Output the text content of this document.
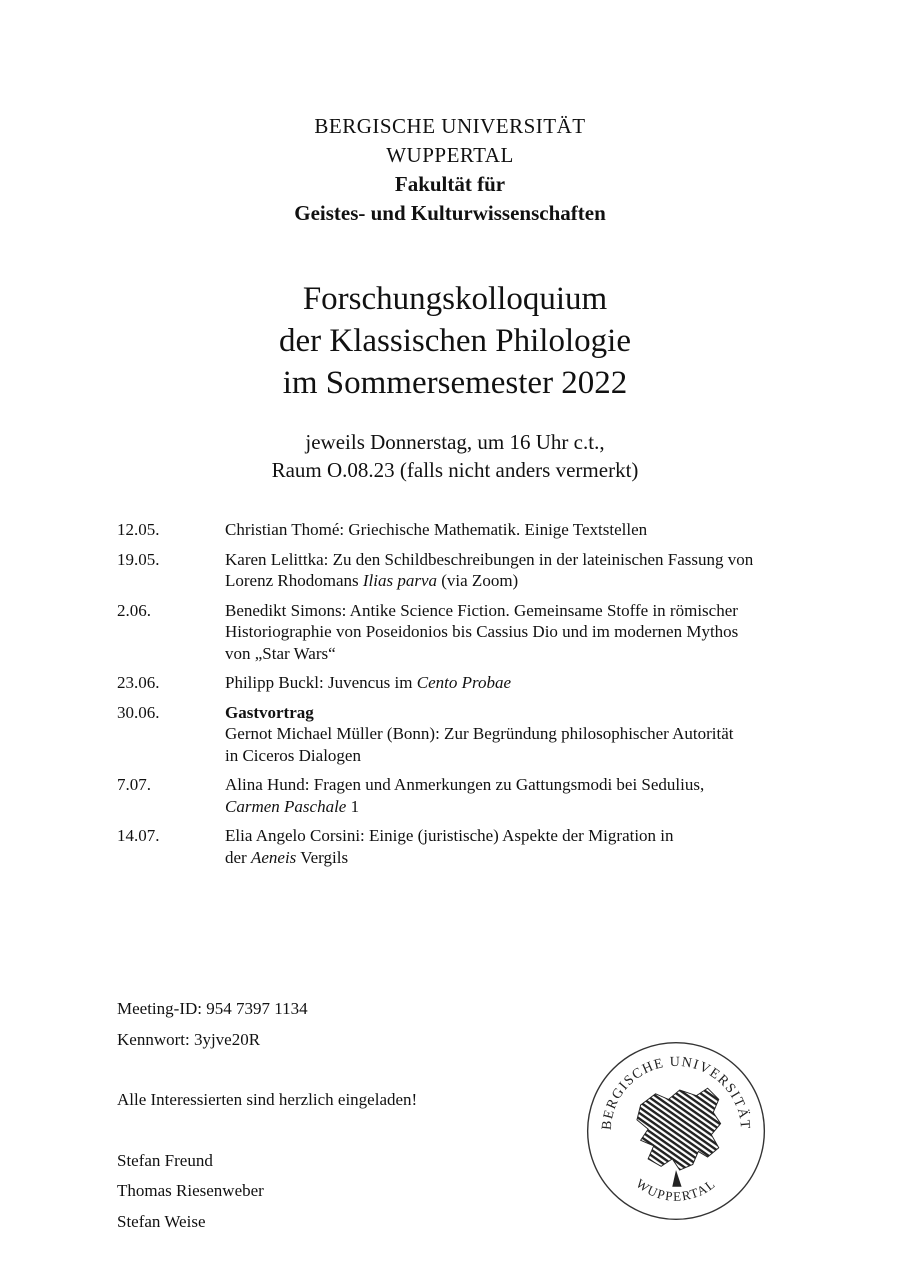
BERGISCHE UNIVERSITÄT
WUPPERTAL
Fakultät für
Geistes- und Kulturwissenschaften
Forschungskolloquium
der Klassischen Philologie
im Sommersemester 2022
jeweils Donnerstag, um 16 Uhr c.t.,
Raum O.08.23 (falls nicht anders vermerkt)
12.05.	Christian Thomé: Griechische Mathematik. Einige Textstellen
19.05.	Karen Lelittka: Zu den Schildbeschreibungen in der lateinischen Fassung von
Lorenz Rhodomans Ilias parva (via Zoom)
2.06.	Benedikt Simons: Antike Science Fiction. Gemeinsame Stoffe in römischer
Historiographie von Poseidonios bis Cassius Dio und im modernen Mythos
von „Star Wars“
23.06.	Philipp Buckl: Juvencus im Cento Probae
30.06.	Gastvortrag
Gernot Michael Müller (Bonn): Zur Begründung philosophischer Autorität
in Ciceros Dialogen
7.07.	Alina Hund: Fragen und Anmerkungen zu Gattungsmodi bei Sedulius,
Carmen Paschale 1
14.07.	Elia Angelo Corsini: Einige (juristische) Aspekte der Migration in
der Aeneis Vergils
Meeting-ID: 954 7397 1134
Kennwort: 3yjve20R
Alle Interessierten sind herzlich eingeladen!
Stefan Freund
Thomas Riesenweber
Stefan Weise
BERGISCHE UNIVERSITÄT
WUPPERTAL
